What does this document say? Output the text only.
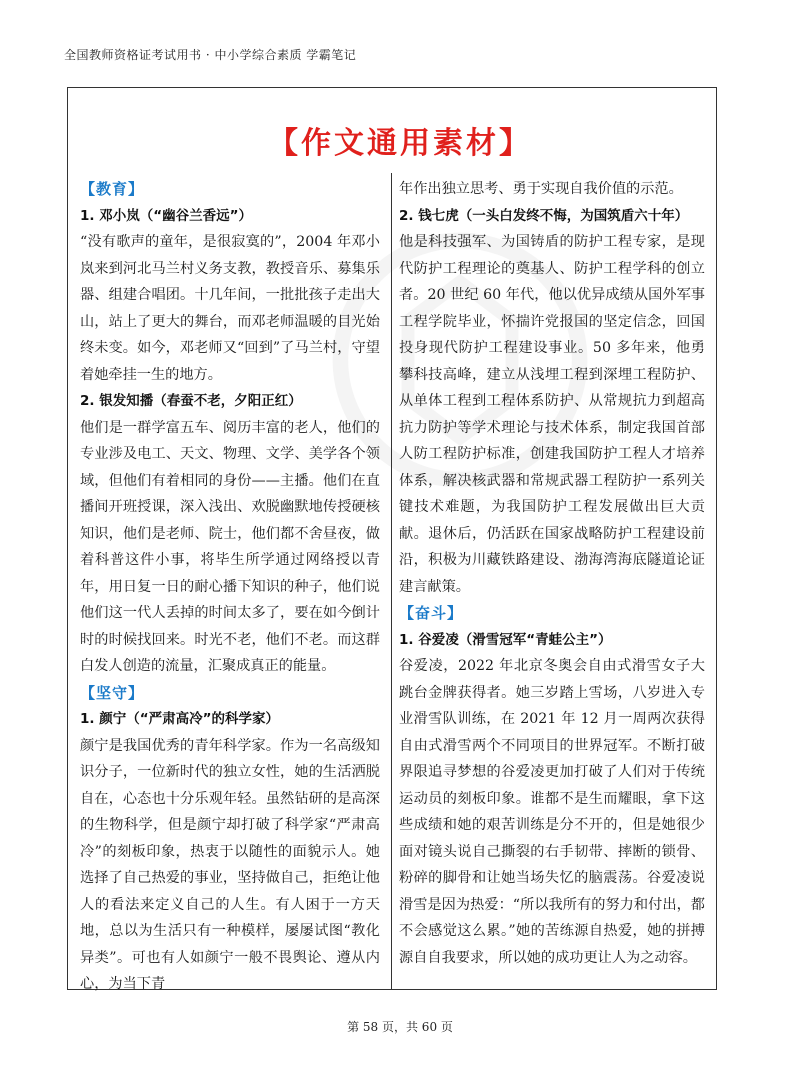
全国教师资格证考试用书 · 中小学综合素质 学霸笔记
【作文通用素材】

【教育】

1. 邓小岚（“幽谷兰香远”）

“没有歌声的童年，是很寂寞的”，2004 年邓小岚来到河北马兰村义务支教，教授音乐、募集乐器、组建合唱团。十几年间，一批批孩子走出大山，站上了更大的舞台，而邓老师温暖的目光始终未变。如今，邓老师又“回到”了马兰村，守望着她牵挂一生的地方。

2. 银发知播（春蚕不老，夕阳正红）

他们是一群学富五车、阅历丰富的老人，他们的专业涉及电工、天文、物理、文学、美学各个领域，但他们有着相同的身份——主播。他们在直播间开班授课，深入浅出、欢脱幽默地传授硬核知识，他们是老师、院士，他们都不舍昼夜，做着科普这件小事，将毕生所学通过网络授以青年，用日复一日的耐心播下知识的种子，他们说他们这一代人丢掉的时间太多了，要在如今倒计时的时候找回来。时光不老，他们不老。而这群白发人创造的流量，汇聚成真正的能量。

【坚守】

1. 颜宁（“严肃高冷”的科学家）

颜宁是我国优秀的青年科学家。作为一名高级知识分子，一位新时代的独立女性，她的生活洒脱自在，心态也十分乐观年轻。虽然钻研的是高深的生物科学，但是颜宁却打破了科学家“严肃高冷”的刻板印象，热衷于以随性的面貌示人。她选择了自己热爱的事业，坚持做自己，拒绝让他人的看法来定义自己的人生。有人困于一方天地，总以为生活只有一种模样，屡屡试图“教化异类”。可也有人如颜宁一般不畏舆论、遵从内心，为当下青

年作出独立思考、勇于实现自我价值的示范。

2. 钱七虎（一头白发终不悔，为国筑盾六十年）

他是科技强军、为国铸盾的防护工程专家，是现代防护工程理论的奠基人、防护工程学科的创立者。20 世纪 60 年代，他以优异成绩从国外军事工程学院毕业，怀揣许党报国的坚定信念，回国投身现代防护工程建设事业。50 多年来，他勇攀科技高峰，建立从浅埋工程到深埋工程防护、从单体工程到工程体系防护、从常规抗力到超高抗力防护等学术理论与技术体系，制定我国首部人防工程防护标准，创建我国防护工程人才培养体系，解决核武器和常规武器工程防护一系列关键技术难题，为我国防护工程发展做出巨大贡献。退休后，仍活跃在国家战略防护工程建设前沿，积极为川藏铁路建设、渤海湾海底隧道论证建言献策。

【奋斗】

1. 谷爱凌（滑雪冠军“青蛙公主”）

谷爱凌，2022 年北京冬奥会自由式滑雪女子大跳台金牌获得者。她三岁踏上雪场，八岁进入专业滑雪队训练，在 2021 年 12 月一周两次获得自由式滑雪两个不同项目的世界冠军。不断打破界限追寻梦想的谷爱凌更加打破了人们对于传统运动员的刻板印象。谁都不是生而耀眼，拿下这些成绩和她的艰苦训练是分不开的，但是她很少面对镜头说自己撕裂的右手韧带、摔断的锁骨、粉碎的脚骨和让她当场失忆的脑震荡。谷爱凌说滑雪是因为热爱：“所以我所有的努力和付出，都不会感觉这么累。”她的苦练源自热爱，她的拼搏源自自我要求，所以她的成功更让人为之动容。

第 58 页，共 60 页
